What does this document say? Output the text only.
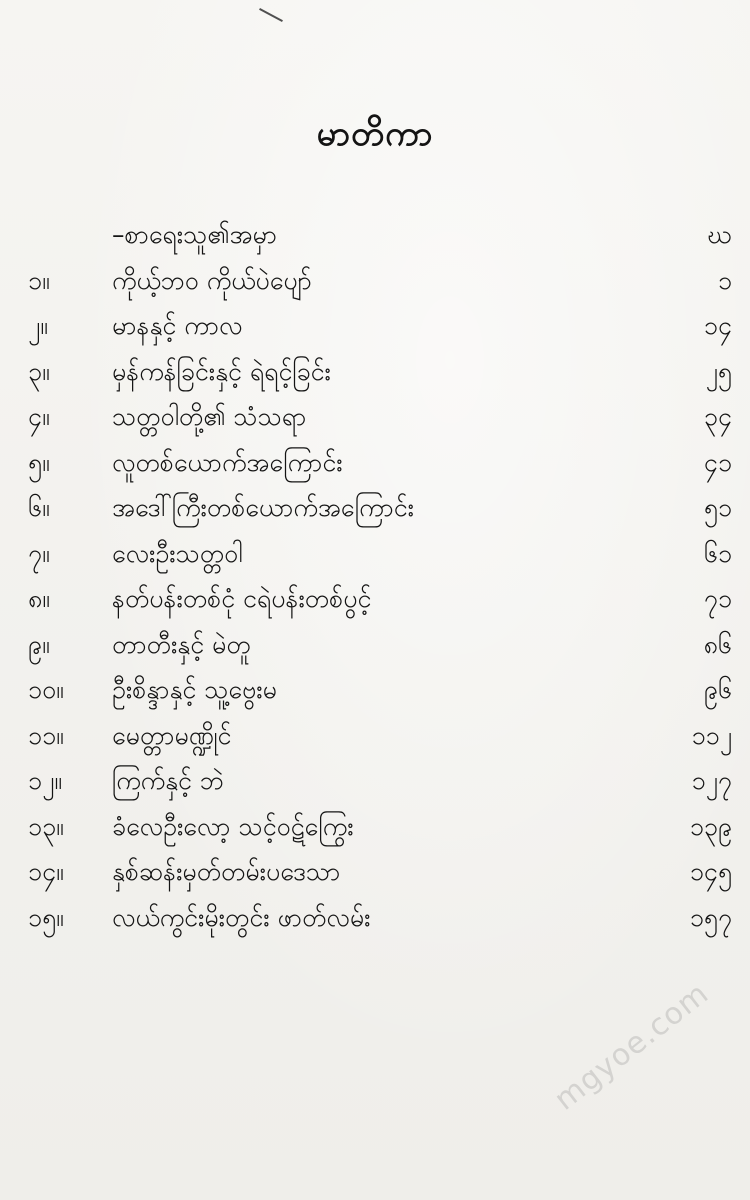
မာတိကာ
–စာရေးသူ၏အမှာ	ဃ
၁။	ကိုယ့်ဘဝ ကိုယ်ပဲပျော်	၁
၂။	မာနနှင့် ကာလ	၁၄
၃။	မှန်ကန်ခြင်းနှင့် ရဲရင့်ခြင်း	၂၅
၄။	သတ္တဝါတို့၏ သံသရာ	၃၄
၅။	လူတစ်ယောက်အကြောင်း	၄၁
၆။	အဒေါ်ကြီးတစ်ယောက်အကြောင်း	၅၁
၇။	လေးဦးသတ္တဝါ	၆၁
၈။	နတ်ပန်းတစ်ငုံ ငရဲပန်းတစ်ပွင့်	၇၁
၉။	တာတီးနှင့် မဲတူ	၈၆
၁၀။	ဦးစိန္ဒာနှင့် သူ့ဗွေးမ	၉၆
၁၁။	မေတ္တာမဏ္ဍိုင်	၁၁၂
၁၂။	ကြက်နှင့် ဘဲ	၁၂၇
၁၃။	ခံလေဦးလော့ သင့်ဝဋ်ကြွေး	၁၃၉
၁၄။	နှစ်ဆန်းမှတ်တမ်းပဒေသာ	၁၄၅
၁၅။	လယ်ကွင်းမိုးတွင်း ဖာတ်လမ်း	၁၅၇
mgyoe.com
